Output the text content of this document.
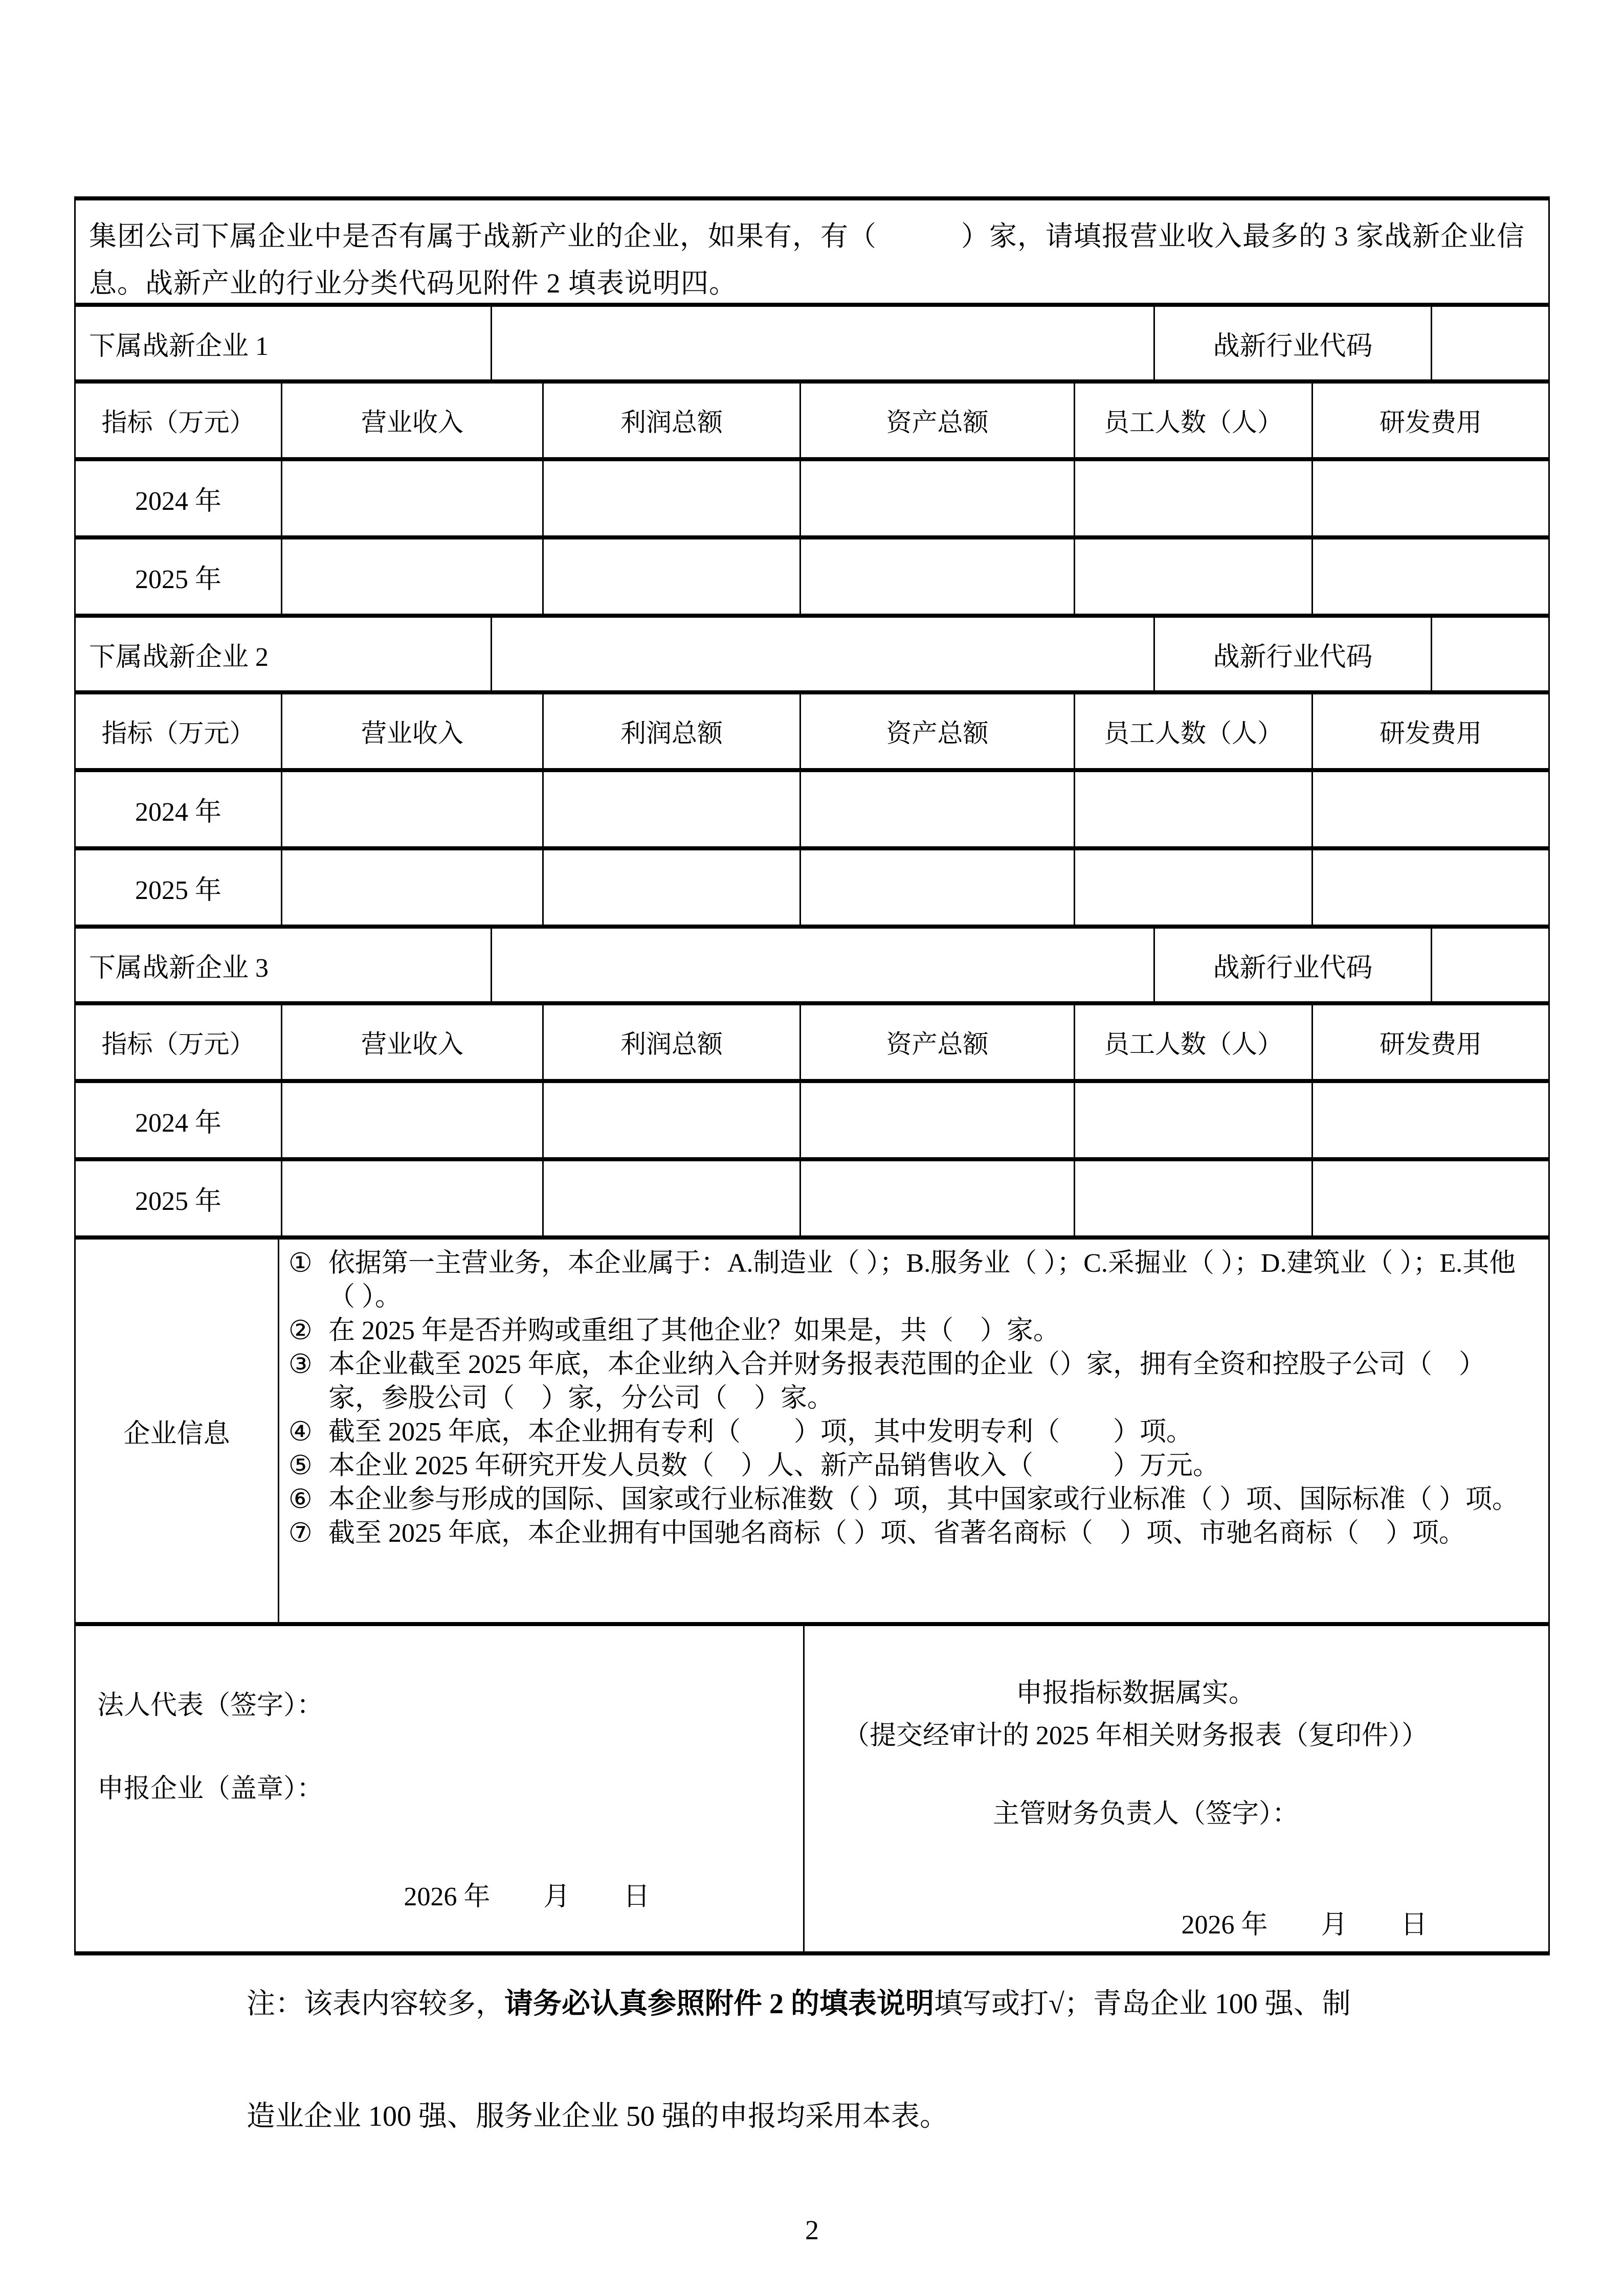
集团公司下属企业中是否有属于战新产业的企业，如果有，有（　　　）家，请填报营业收入最多的 3 家战新企业信息。战新产业的行业分类代码见附件 2 填表说明四。
下属战新企业 1	战新行业代码
指标（万元）	营业收入	利润总额	资产总额	员工人数（人）	研发费用
2024 年
2025 年
下属战新企业 2	战新行业代码
指标（万元）	营业收入	利润总额	资产总额	员工人数（人）	研发费用
2024 年
2025 年
下属战新企业 3	战新行业代码
指标（万元）	营业收入	利润总额	资产总额	员工人数（人）	研发费用
2024 年
2025 年
企业信息
① 依据第一主营业务，本企业属于：A.制造业（ ）；B.服务业（ ）；C.采掘业（ ）；D.建筑业（ ）；E.其他（ ）。
② 在 2025 年是否并购或重组了其他企业？如果是，共（　）家。
③ 本企业截至 2025 年底，本企业纳入合并财务报表范围的企业（）家，拥有全资和控股子公司（　）家，参股公司（　）家，分公司（　）家。
④ 截至 2025 年底，本企业拥有专利（　　）项，其中发明专利（　　）项。
⑤ 本企业 2025 年研究开发人员数（　）人、新产品销售收入（　　　）万元。
⑥ 本企业参与形成的国际、国家或行业标准数（ ）项，其中国家或行业标准（ ）项、国际标准（ ）项。
⑦ 截至 2025 年底，本企业拥有中国驰名商标（ ）项、省著名商标（　）项、市驰名商标（　）项。
法人代表（签字）：
申报企业（盖章）：
2026 年　　月　　日
申报指标数据属实。
（提交经审计的 2025 年相关财务报表（复印件））
主管财务负责人（签字）：
2026 年　　月　　日
注：该表内容较多，请务必认真参照附件 2 的填表说明填写或打√；青岛企业 100 强、制
造业企业 100 强、服务业企业 50 强的申报均采用本表。
2
